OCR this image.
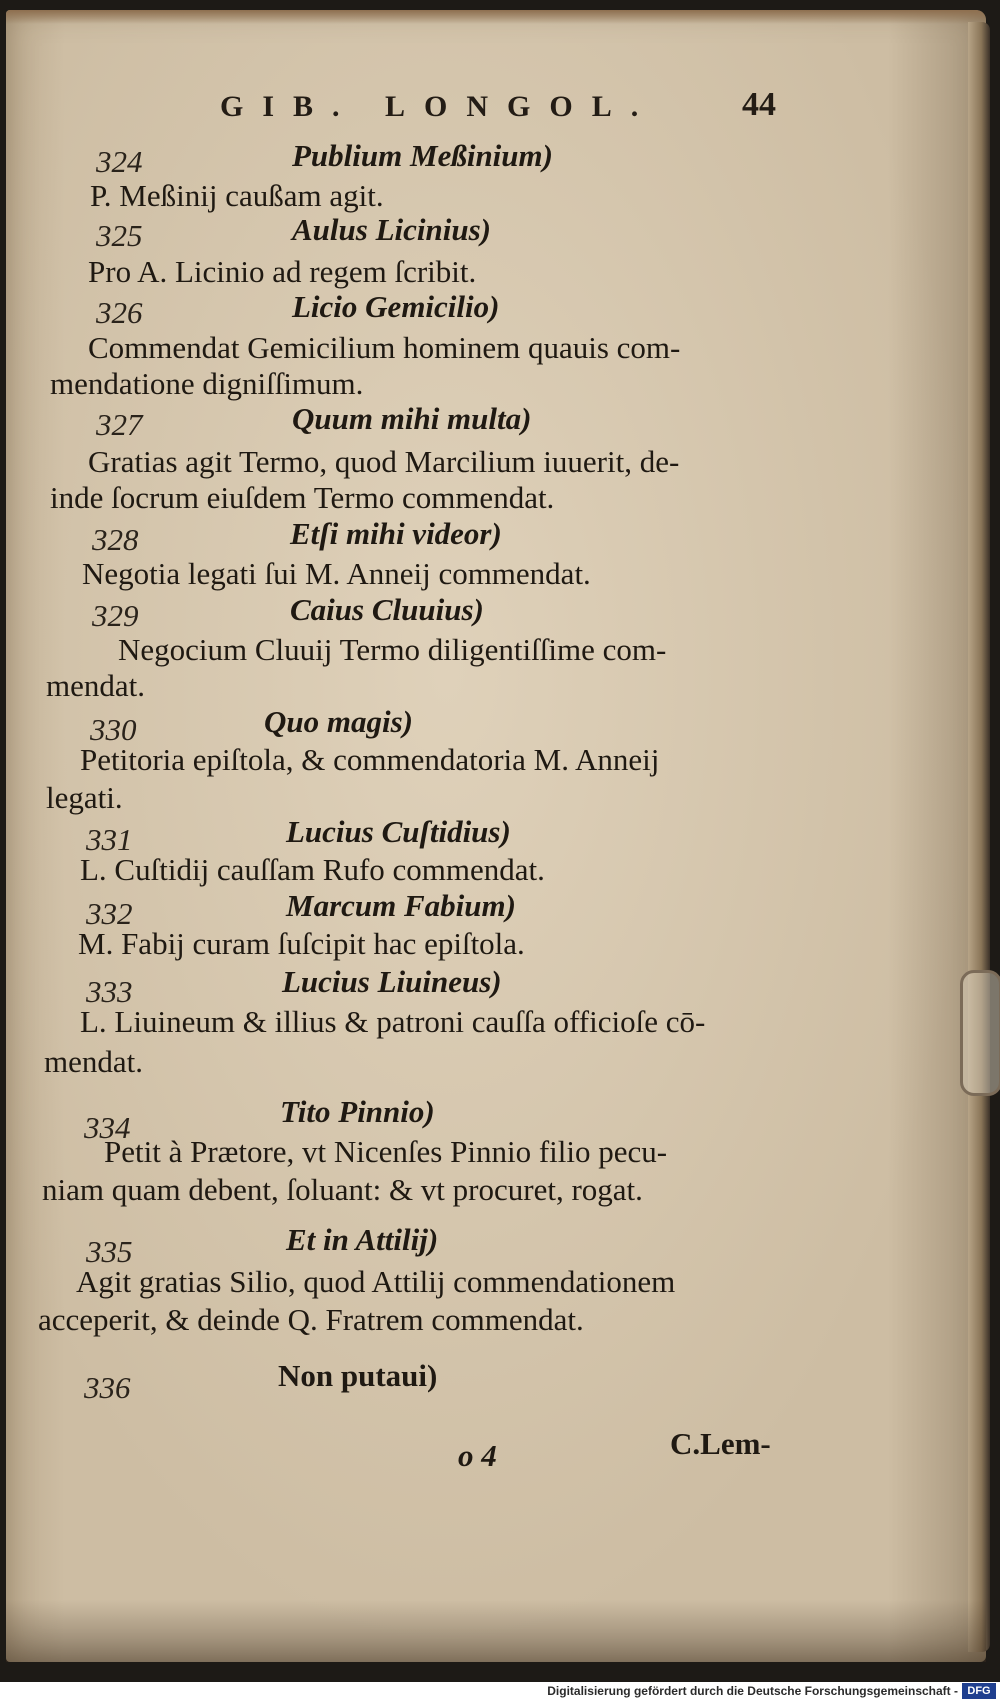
GIB. LONGOL. 44
324	Publium Meßinium)
P. Meßinij caußam agit.
325	Aulus Licinius)
Pro A. Licinio ad regem ſcribit.
326	Licio Gemicilio)
Commendat Gemicilium hominem quauis com-
mendatione digniſſimum.
327	Quum mihi multa)
Gratias agit Termo, quod Marcilium iuuerit, de-
inde ſocrum eiuſdem Termo commendat.
328	Etſi mihi videor)
Negotia legati ſui M. Anneij commendat.
329	Caius Cluuius)
Negocium Cluuij Termo diligentiſſime com-
mendat.
330	Quo magis)
Petitoria epiſtola, & commendatoria M. Anneij
legati.
331	Lucius Cuſtidius)
L. Cuſtidij cauſſam Rufo commendat.
332	Marcum Fabium)
M. Fabij curam ſuſcipit hac epiſtola.
333	Lucius Liuineus)
L. Liuineum & illius & patroni cauſſa officioſe cō-
mendat.
334	Tito Pinnio)
Petit à Prætore, vt Nicenſes Pinnio filio pecu-
niam quam debent, ſoluant: & vt procuret, rogat.
335	Et in Attilij)
Agit gratias Silio, quod Attilij commendationem
acceperit, & deinde Q. Fratrem commendat.
336	Non putaui)
o 4	C.Lem-
Digitalisierung gefördert durch die Deutsche Forschungsgemeinschaft - DFG
